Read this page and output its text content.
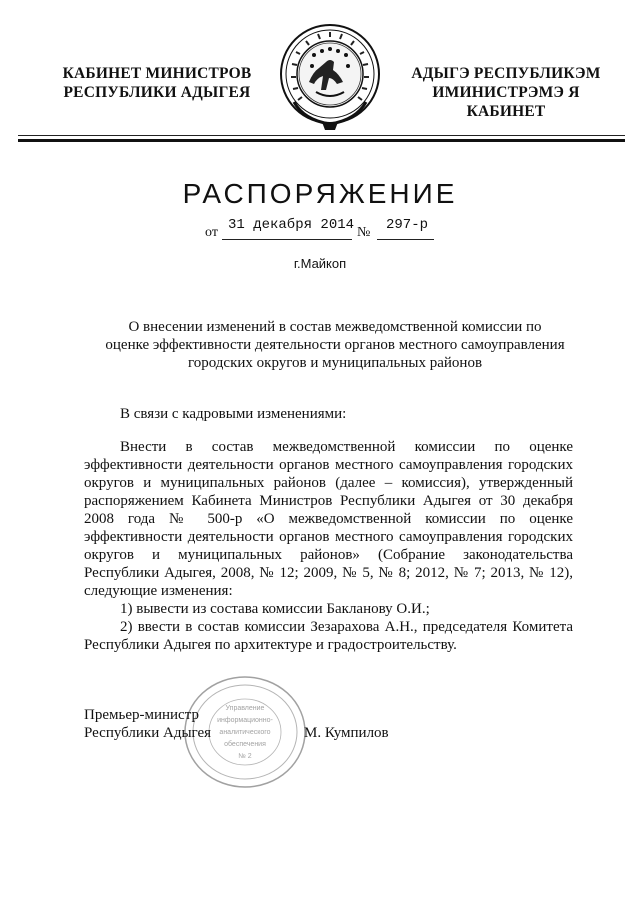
КАБИНЕТ МИНИСТРОВ
РЕСПУБЛИКИ АДЫГЕЯ
АДЫГЭ РЕСПУБЛИКЭМ
ИМИНИСТРЭМЭ Я КАБИНЕТ
РАСПОРЯЖЕНИЕ
от 31 декабря 2014 № 297-р
г.Майкоп
О внесении изменений в состав межведомственной комиссии по
оценке эффективности деятельности органов местного самоуправления
городских округов и муниципальных районов
В связи с кадровыми изменениями:

Внести в состав межведомственной комиссии по оценке эффективности деятельности органов местного самоуправления городских округов и муниципальных районов (далее – комиссия), утвержденный распоряжением Кабинета Министров Республики Адыгея от 30 декабря 2008 года № 500-р «О межведомственной комиссии по оценке эффективности деятельности органов местного самоуправления городских округов и муниципальных районов» (Собрание законодательства Республики Адыгея, 2008, № 12; 2009, № 5, № 8; 2012, № 7; 2013, № 12), следующие изменения:

1) вывести из состава комиссии Бакланову О.И.;

2) ввести в состав комиссии Зезарахова А.Н., председателя Комитета Республики Адыгея по архитектуре и градостроительству.

Управление
информационно-
аналитического
обеспечения
№ 2
Премьер-министр
Республики Адыгея	М. Кумпилов
